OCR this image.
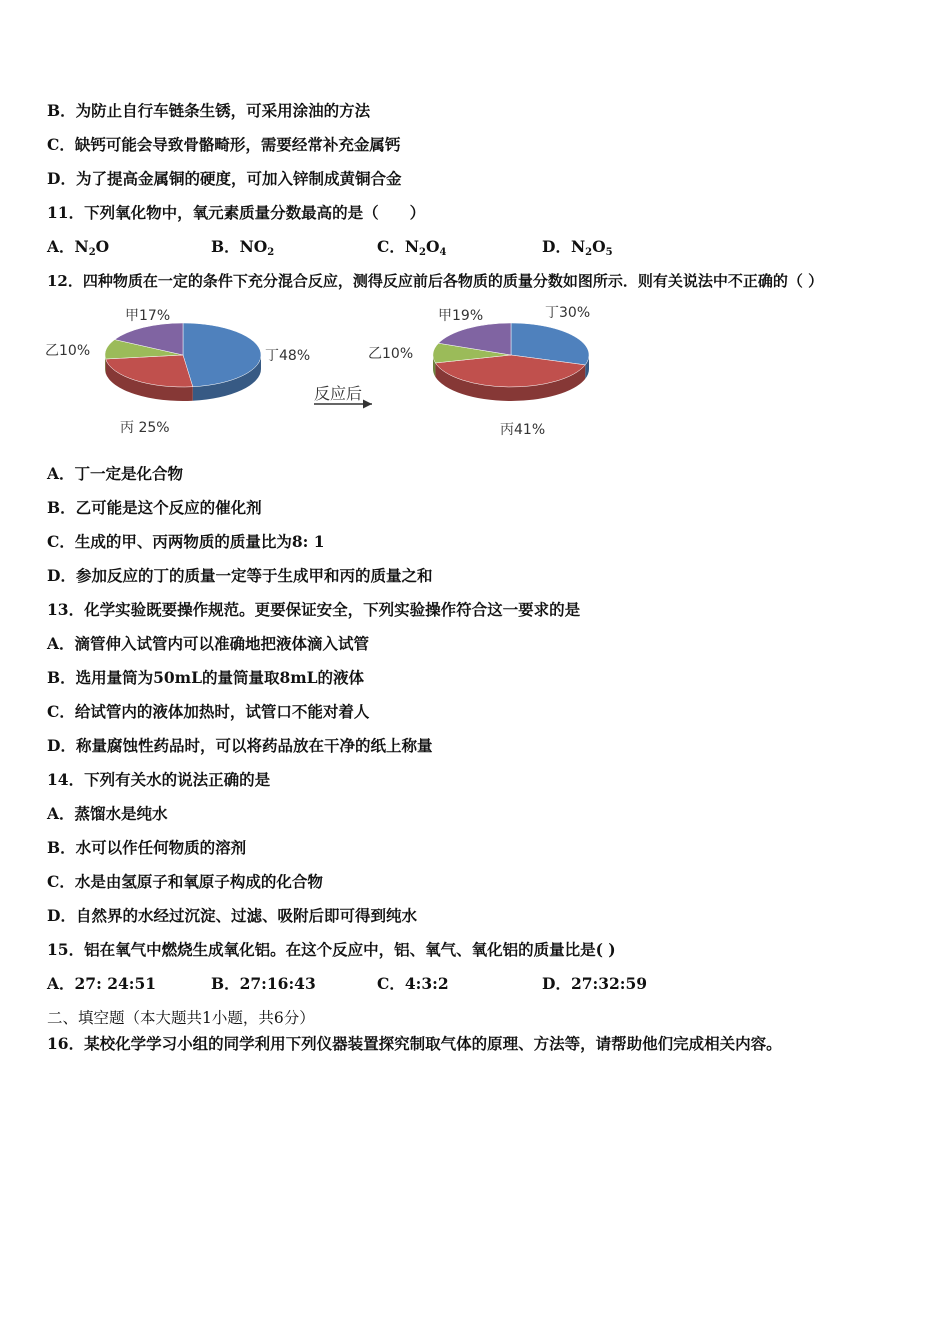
B．为防止自行车链条生锈，可采用涂油的方法
C．缺钙可能会导致骨骼畸形，需要经常补充金属钙
D．为了提高金属铜的硬度，可加入锌制成黄铜合金
11．下列氧化物中，氧元素质量分数最高的是（　　）
A．$N_2O$	B．$NO_2$	C．$N_2O_4$	D．$N_2O_5$
12．四种物质在一定的条件下充分混合反应，测得反应前后各物质的质量分数如图所示．则有关说法中不正确的（ ）
甲17%
乙10%
丙 25%
丁48%
甲19%
乙10%
丙41%
丁30%
反应后
A．丁一定是化合物
B．乙可能是这个反应的催化剂
C．生成的甲、丙两物质的质量比为8: 1
D．参加反应的丁的质量一定等于生成甲和丙的质量之和
13．化学实验既要操作规范。更要保证安全，下列实验操作符合这一要求的是
A．滴管伸入试管内可以准确地把液体滴入试管
B．选用量筒为50mL的量筒量取8mL的液体
C．给试管内的液体加热时，试管口不能对着人
D．称量腐蚀性药品时，可以将药品放在干净的纸上称量
14．下列有关水的说法正确的是
A．蒸馏水是纯水
B．水可以作任何物质的溶剂
C．水是由氢原子和氧原子构成的化合物
D．自然界的水经过沉淀、过滤、吸附后即可得到纯水
15．铝在氧气中燃烧生成氧化铝。在这个反应中，铝、氧气、氧化铝的质量比是( )
A．27: 24:51	B．27:16:43	C．4:3:2	D．27:32:59
二、填空题（本大题共1小题，共6分）
16．某校化学学习小组的同学利用下列仪器装置探究制取气体的原理、方法等，请帮助他们完成相关内容。
